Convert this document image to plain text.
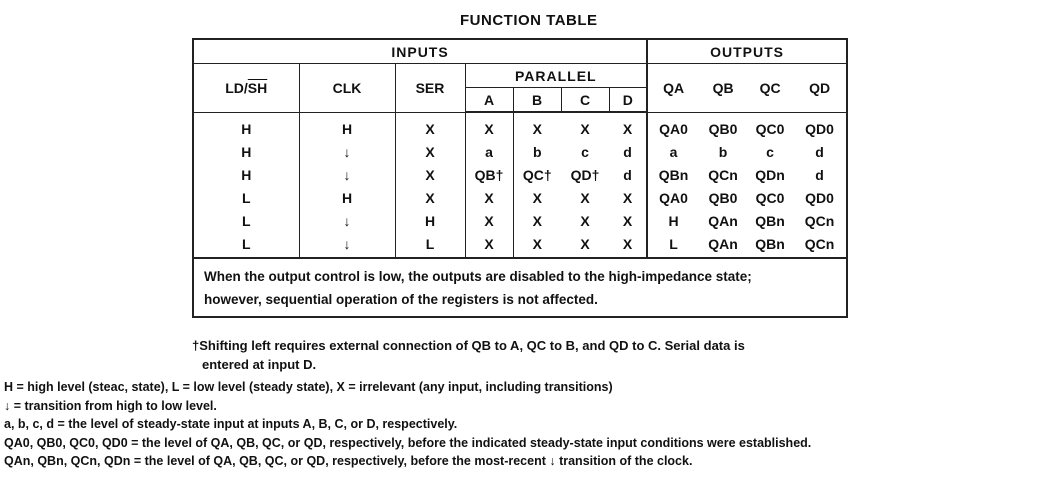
FUNCTION TABLE
INPUTS							OUTPUTS			
$LD/\overline{SH}$	CLK	SER	PARALLEL				QA	QB	QC	QD
			A	B	C	D				
H	H	X	X	X	X	X	QA0	QB0	QC0	QD0
H	↓	X	a	b	c	d	a	b	c	d
H	↓	X	QB†	QC†	QD†	d	QBn	QCn	QDn	d
L	H	X	X	X	X	X	QA0	QB0	QC0	QD0
L	↓	H	X	X	X	X	H	QAn	QBn	QCn
L	↓	L	X	X	X	X	L	QAn	QBn	QCn

When the output control is low, the outputs are disabled to the high-impedance state;
however, sequential operation of the registers is not affected.										
†Shifting left requires external connection of QB to A, QC to B, and QD to C. Serial data is
entered at input D.
H = high level (steac, state), L = low level (steady state), X = irrelevant (any input, including transitions)
↓ = transition from high to low level.
a, b, c, d = the level of steady-state input at inputs A, B, C, or D, respectively.
QA0, QB0, QC0, QD0 = the level of QA, QB, QC, or QD, respectively, before the indicated steady-state input conditions were established.
QAn, QBn, QCn, QDn = the level of QA, QB, QC, or QD, respectively, before the most-recent ↓ transition of the clock.
